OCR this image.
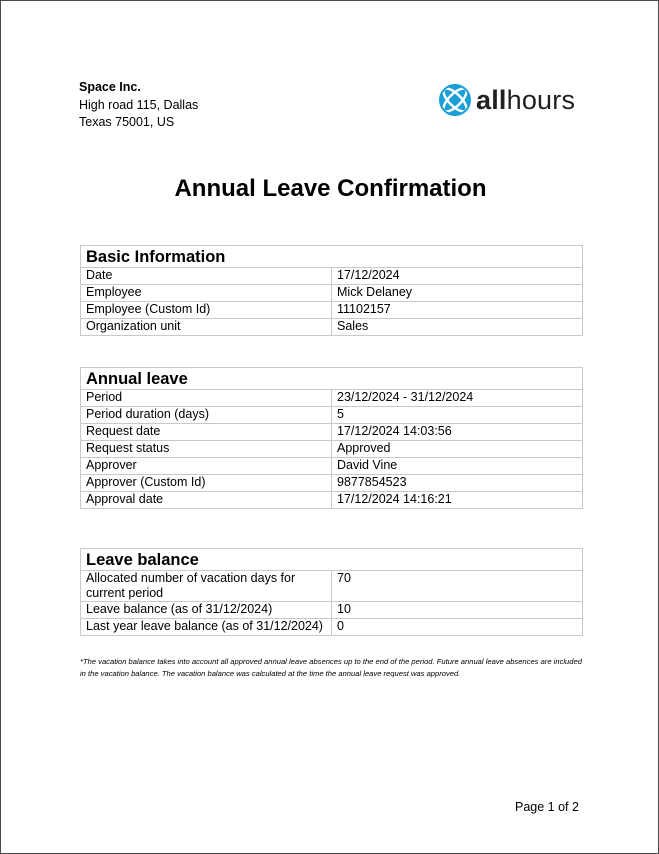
Space Inc.
High road 115, Dallas
Texas 75001, US
allhours
Annual Leave Confirmation
Basic Information	
Date	17/12/2024
Employee	Mick Delaney
Employee (Custom Id)	11102157
Organization unit	Sales
Annual leave	
Period	23/12/2024 - 31/12/2024
Period duration (days)	5
Request date	17/12/2024 14:03:56
Request status	Approved
Approver	David Vine
Approver (Custom Id)	9877854523
Approval date	17/12/2024 14:16:21
Leave balance	
Allocated number of vacation days for current period	70
Leave balance (as of 31/12/2024)	10
Last year leave balance (as of 31/12/2024)	0
*The vacation balance takes into account all approved annual leave absences up to the end of the period. Future annual leave absences are included in the vacation balance. The vacation balance was calculated at the time the annual leave request was approved.
Page 1 of 2
